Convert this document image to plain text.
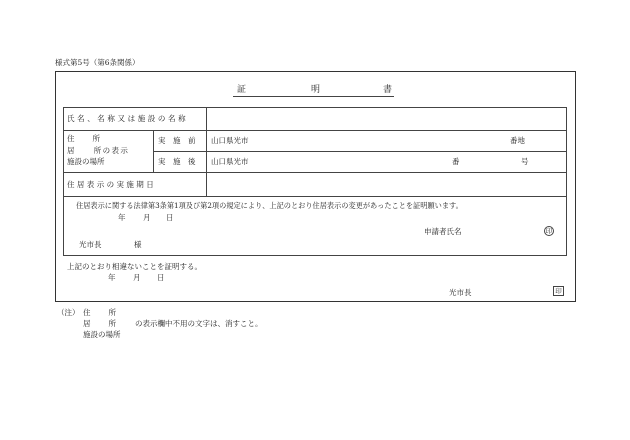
様式第5号（第6条関係）
証	明	書
氏名、名称又は施設の名称
住　　所
居　　所の表示
施設の場所
実　施　前 山口県光市	番地
実　施　後 山口県光市	番	号
住居表示の実施期日
住居表示に関する法律第3条第1項及び第2項の規定により、上記のとおり住居表示の変更があったことを証明願います。
年 月 日
申請者氏名	印
光市長	様
上記のとおり相違ないことを証明する。
年 月 日
光市長	印
（注） 住　　所
居　　所 の表示欄中不用の文字は、消すこと。
施設の場所
